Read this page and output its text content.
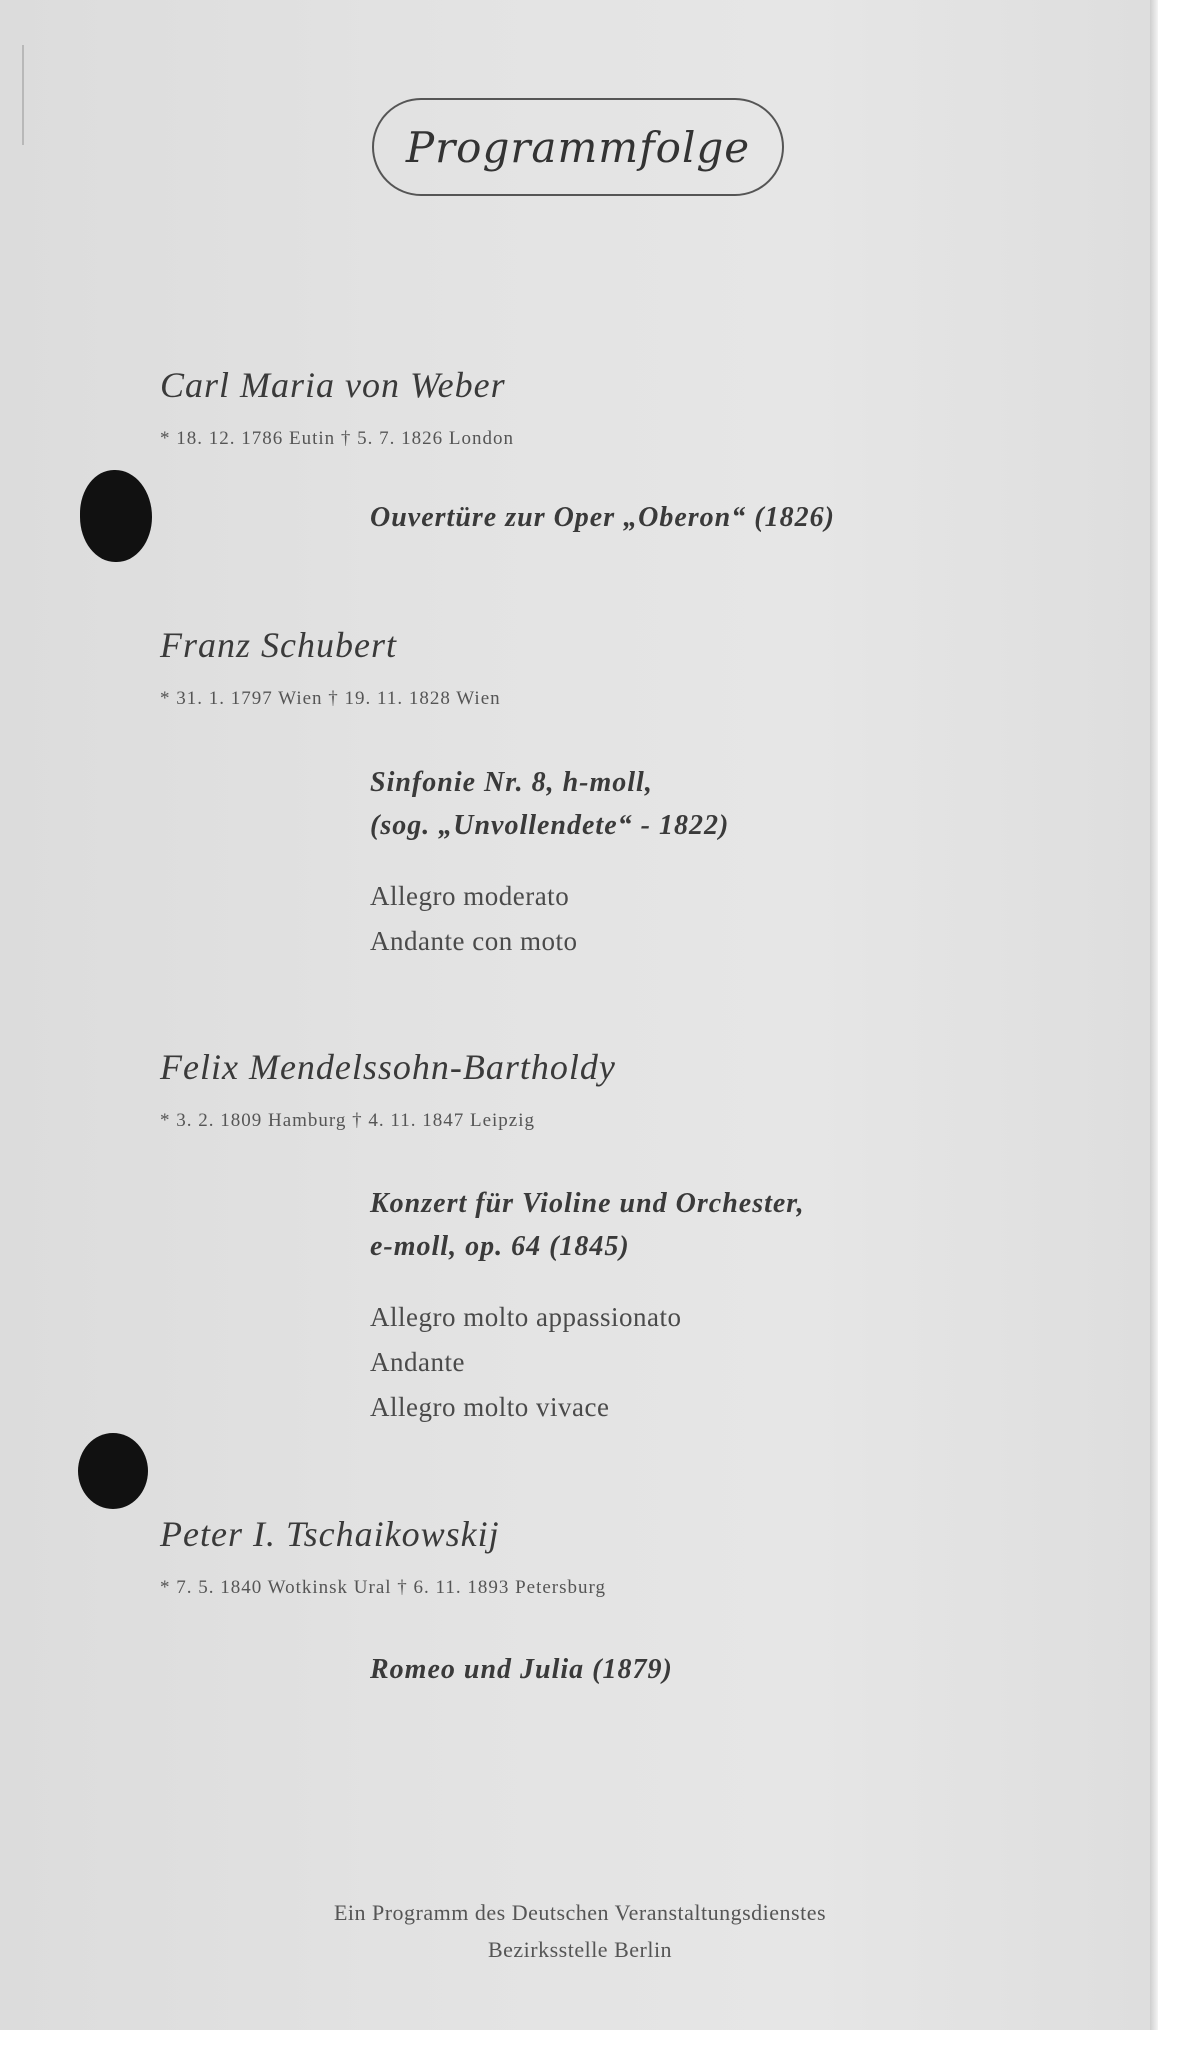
Programmfolge
Carl Maria von Weber
* 18. 12. 1786 Eutin † 5. 7. 1826 London
Ouvertüre zur Oper „Oberon“ (1826)
Franz Schubert
* 31. 1. 1797 Wien † 19. 11. 1828 Wien
Sinfonie Nr. 8, h-moll,
(sog. „Unvollendete“ - 1822)
Allegro moderato
Andante con moto
Felix Mendelssohn-Bartholdy
* 3. 2. 1809 Hamburg † 4. 11. 1847 Leipzig
Konzert für Violine und Orchester,
e-moll, op. 64 (1845)
Allegro molto appassionato
Andante
Allegro molto vivace
Peter I. Tschaikowskij
* 7. 5. 1840 Wotkinsk Ural † 6. 11. 1893 Petersburg
Romeo und Julia (1879)
Ein Programm des Deutschen Veranstaltungsdienstes
Bezirksstelle Berlin
